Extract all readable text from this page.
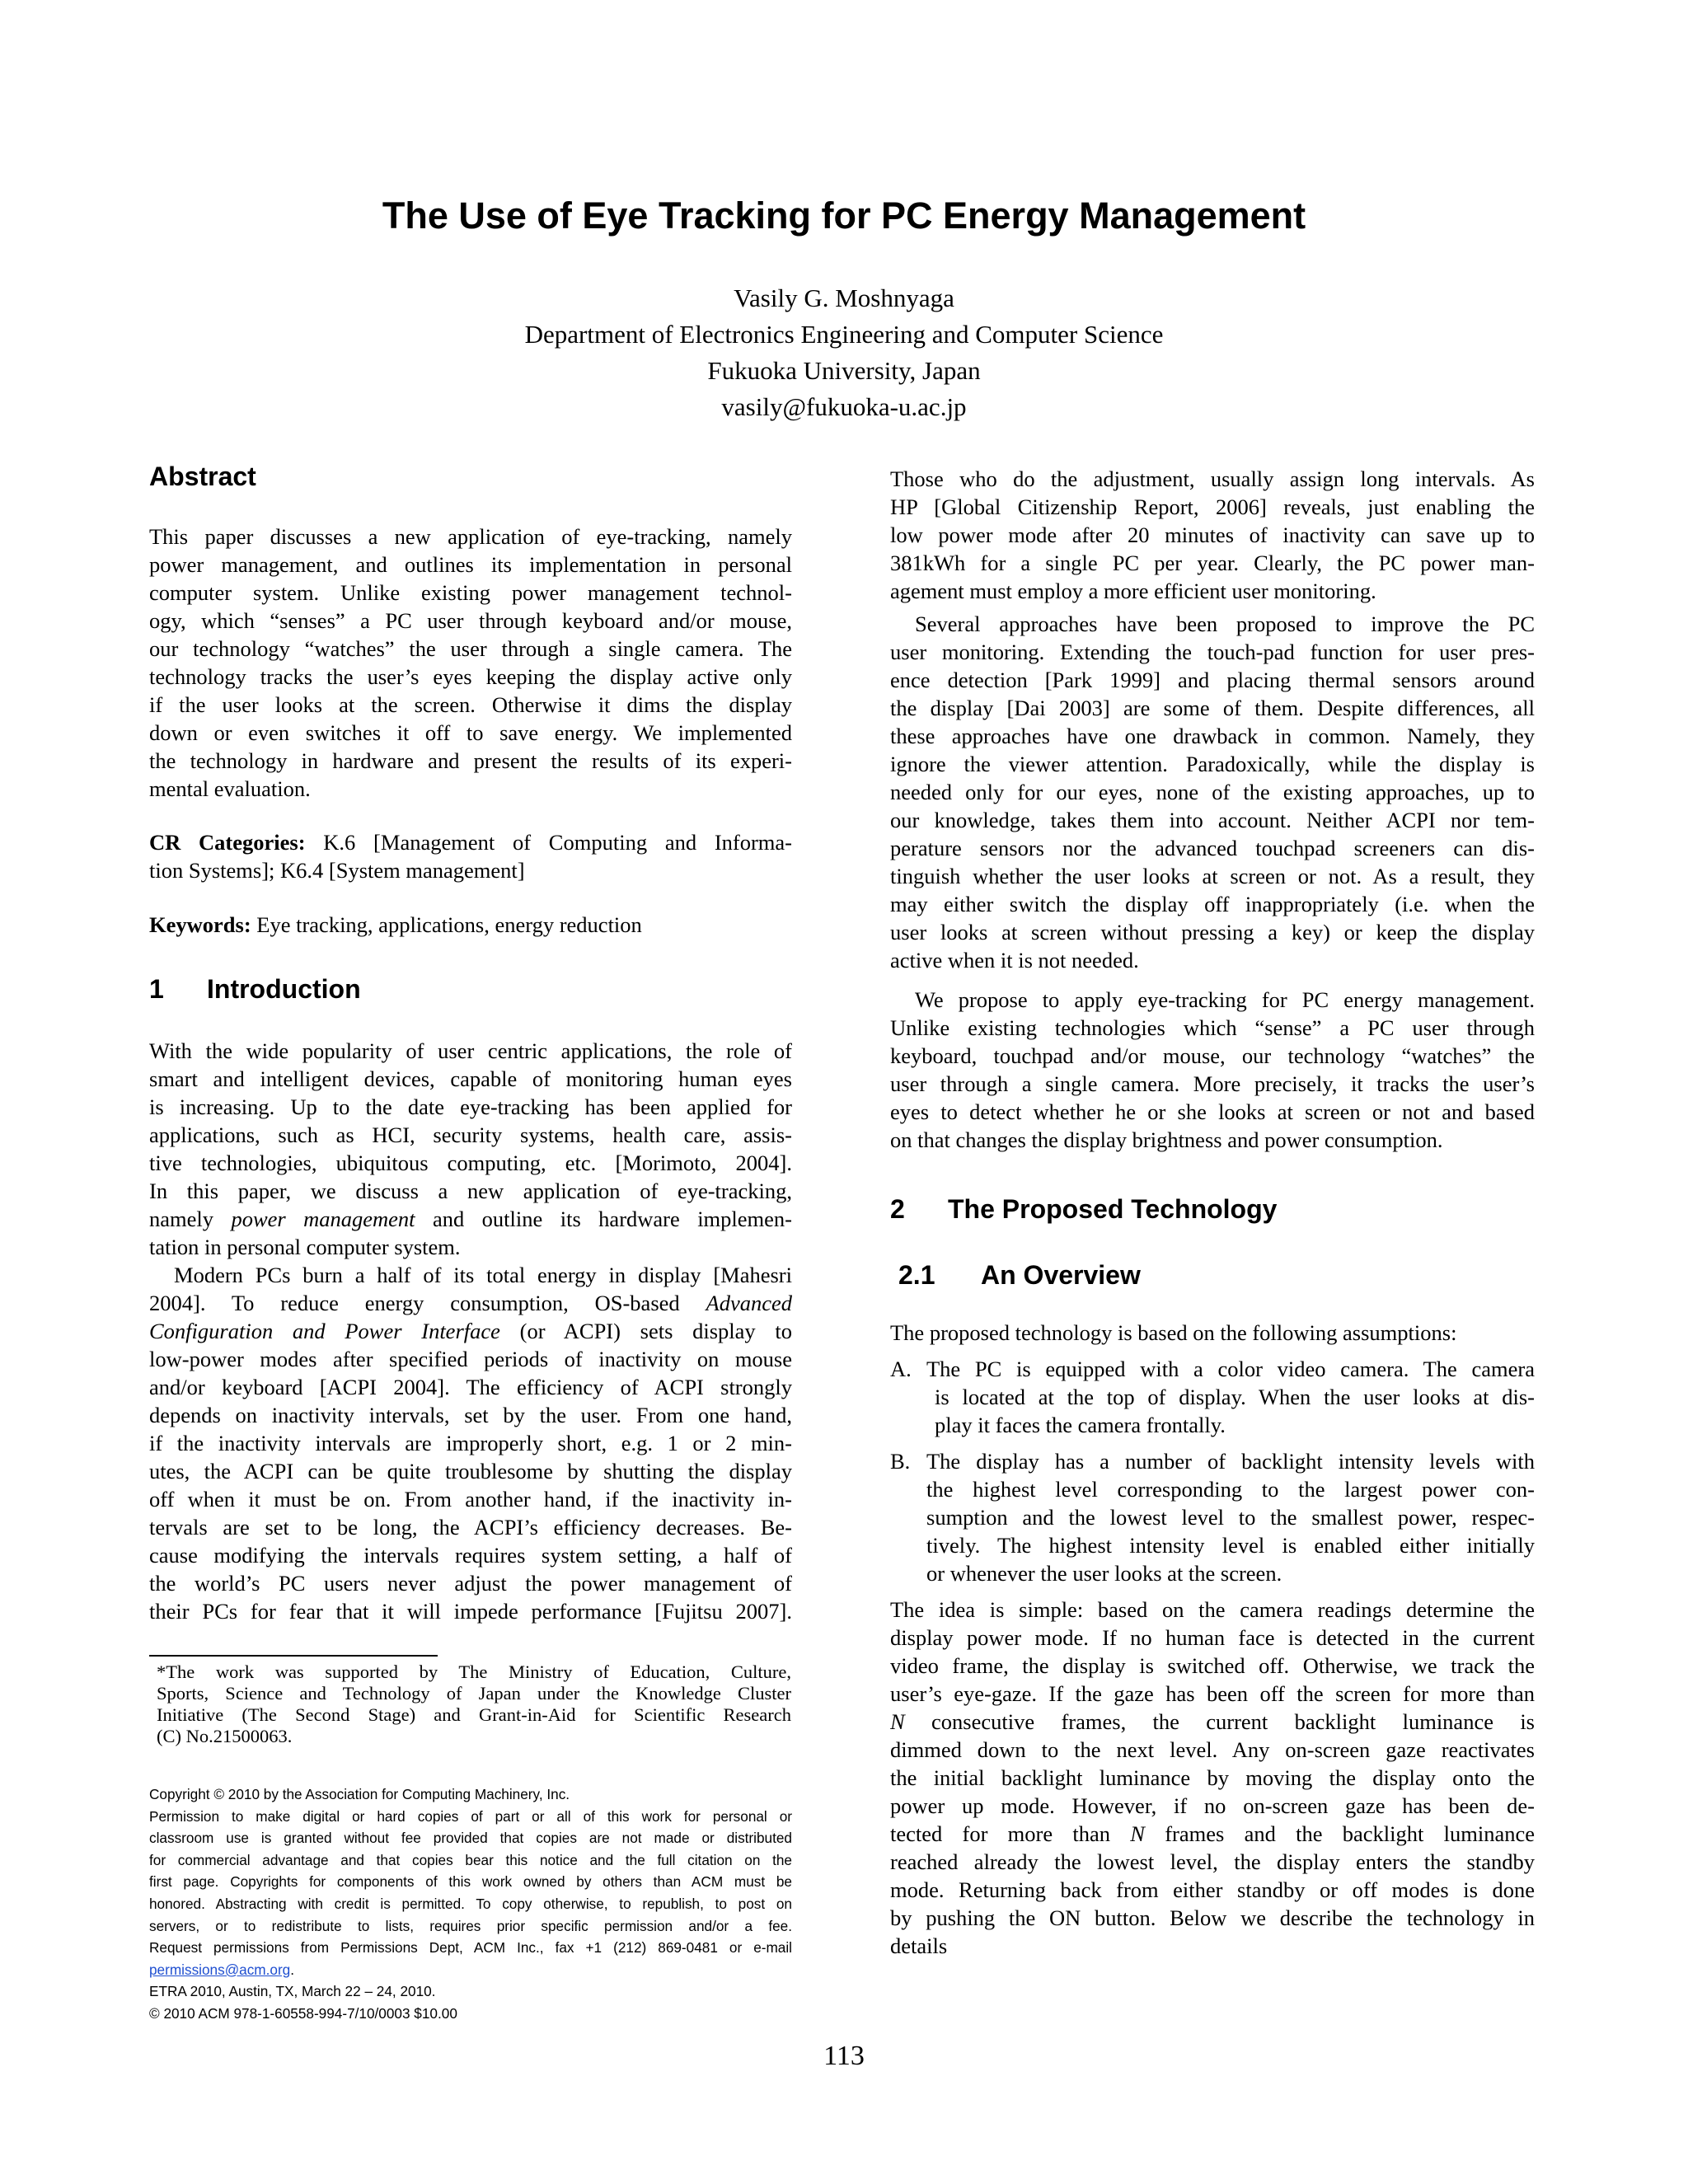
The Use of Eye Tracking for PC Energy Management
Vasily G. Moshnyaga
Department of Electronics Engineering and Computer Science
Fukuoka University, Japan
vasily@fukuoka-u.ac.jp
Abstract
This paper discusses a new application of eye-tracking, namely
power management, and outlines its implementation in personal
computer system. Unlike existing power management technol-
ogy, which “senses” a PC user through keyboard and/or mouse,
our technology “watches” the user through a single camera. The
technology tracks the user’s eyes keeping the display active only
if the user looks at the screen. Otherwise it dims the display
down or even switches it off to save energy. We implemented
the technology in hardware and present the results of its experi-
mental evaluation.
CR Categories: K.6 [Management of Computing and Informa-
tion Systems]; K6.4 [System management]
Keywords: Eye tracking, applications, energy reduction
1 Introduction
With the wide popularity of user centric applications, the role of
smart and intelligent devices, capable of monitoring human eyes
is increasing. Up to the date eye-tracking has been applied for
applications, such as HCI, security systems, health care, assis-
tive technologies, ubiquitous computing, etc. [Morimoto, 2004].
In this paper, we discuss a new application of eye-tracking,
namely power management and outline its hardware implemen-
tation in personal computer system.
Modern PCs burn a half of its total energy in display [Mahesri
2004]. To reduce energy consumption, OS-based Advanced
Configuration and Power Interface (or ACPI) sets display to
low-power modes after specified periods of inactivity on mouse
and/or keyboard [ACPI 2004]. The efficiency of ACPI strongly
depends on inactivity intervals, set by the user. From one hand,
if the inactivity intervals are improperly short, e.g. 1 or 2 min-
utes, the ACPI can be quite troublesome by shutting the display
off when it must be on. From another hand, if the inactivity in-
tervals are set to be long, the ACPI’s efficiency decreases. Be-
cause modifying the intervals requires system setting, a half of
the world’s PC users never adjust the power management of
their PCs for fear that it will impede performance [Fujitsu 2007].
*The work was supported by The Ministry of Education, Culture,
Sports, Science and Technology of Japan under the Knowledge Cluster
Initiative (The Second Stage) and Grant-in-Aid for Scientific Research
(C) No.21500063.
Copyright © 2010 by the Association for Computing Machinery, Inc.
Permission to make digital or hard copies of part or all of this work for personal or
classroom use is granted without fee provided that copies are not made or distributed
for commercial advantage and that copies bear this notice and the full citation on the
first page. Copyrights for components of this work owned by others than ACM must be
honored. Abstracting with credit is permitted. To copy otherwise, to republish, to post on
servers, or to redistribute to lists, requires prior specific permission and/or a fee.
Request permissions from Permissions Dept, ACM Inc., fax +1 (212) 869-0481 or e-mail
permissions@acm.org.
ETRA 2010, Austin, TX, March 22 – 24, 2010.
© 2010 ACM 978-1-60558-994-7/10/0003 $10.00
Those who do the adjustment, usually assign long intervals. As
HP [Global Citizenship Report, 2006] reveals, just enabling the
low power mode after 20 minutes of inactivity can save up to
381kWh for a single PC per year. Clearly, the PC power man-
agement must employ a more efficient user monitoring.
Several approaches have been proposed to improve the PC
user monitoring. Extending the touch-pad function for user pres-
ence detection [Park 1999] and placing thermal sensors around
the display [Dai 2003] are some of them. Despite differences, all
these approaches have one drawback in common. Namely, they
ignore the viewer attention. Paradoxically, while the display is
needed only for our eyes, none of the existing approaches, up to
our knowledge, takes them into account. Neither ACPI nor tem-
perature sensors nor the advanced touchpad screeners can dis-
tinguish whether the user looks at screen or not. As a result, they
may either switch the display off inappropriately (i.e. when the
user looks at screen without pressing a key) or keep the display
active when it is not needed.
We propose to apply eye-tracking for PC energy management.
Unlike existing technologies which “sense” a PC user through
keyboard, touchpad and/or mouse, our technology “watches” the
user through a single camera. More precisely, it tracks the user’s
eyes to detect whether he or she looks at screen or not and based
on that changes the display brightness and power consumption.
2 The Proposed Technology
2.1 An Overview
The proposed technology is based on the following assumptions:
A. The PC is equipped with a color video camera. The camera
is located at the top of display. When the user looks at dis-
play it faces the camera frontally.
B. The display has a number of backlight intensity levels with
the highest level corresponding to the largest power con-
sumption and the lowest level to the smallest power, respec-
tively. The highest intensity level is enabled either initially
or whenever the user looks at the screen.
The idea is simple: based on the camera readings determine the
display power mode. If no human face is detected in the current
video frame, the display is switched off. Otherwise, we track the
user’s eye-gaze. If the gaze has been off the screen for more than
N consecutive frames, the current backlight luminance is
dimmed down to the next level. Any on-screen gaze reactivates
the initial backlight luminance by moving the display onto the
power up mode. However, if no on-screen gaze has been de-
tected for more than N frames and the backlight luminance
reached already the lowest level, the display enters the standby
mode. Returning back from either standby or off modes is done
by pushing the ON button. Below we describe the technology in
details
113
